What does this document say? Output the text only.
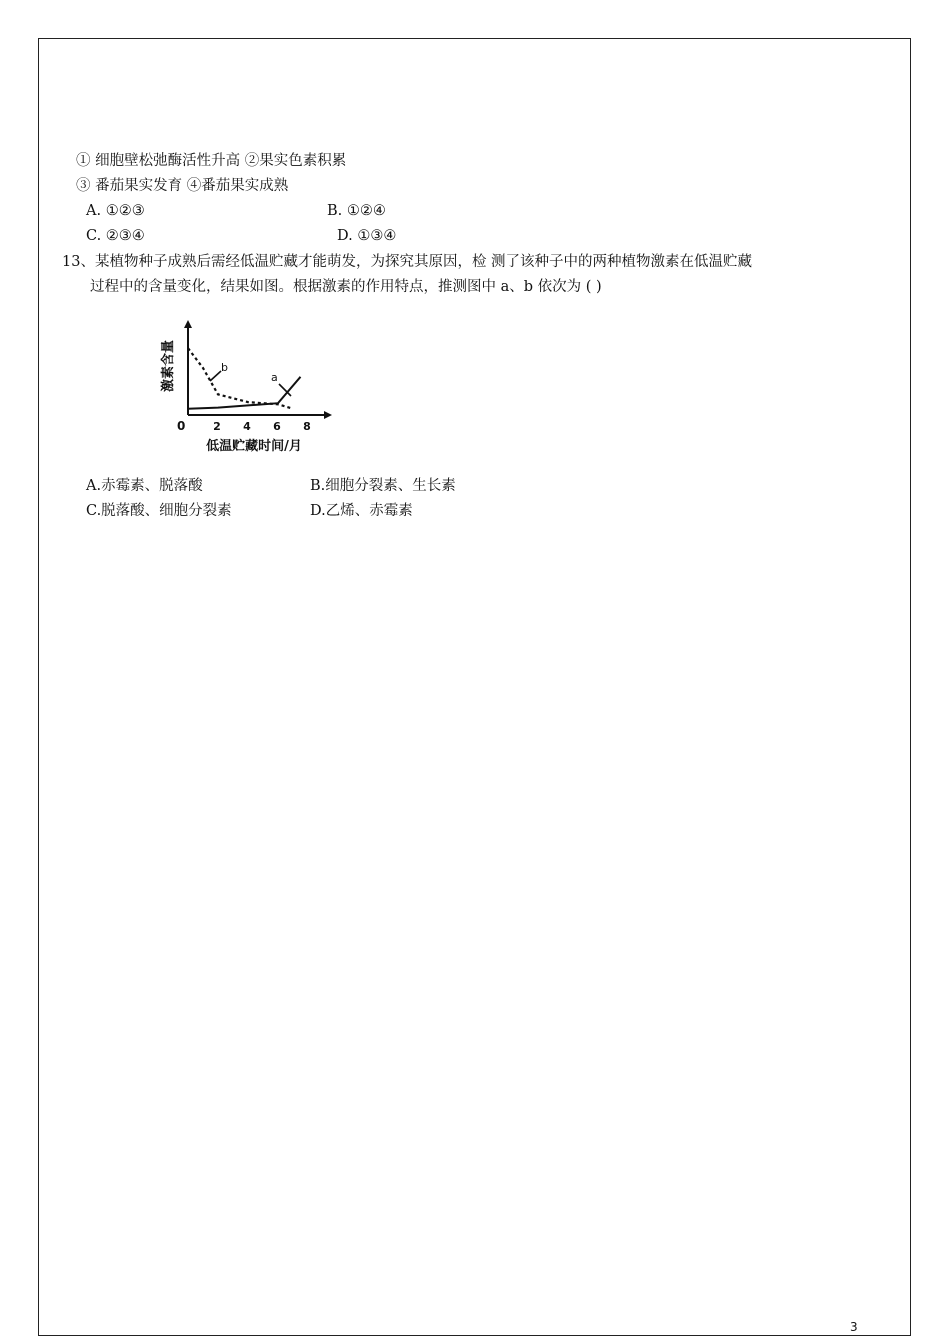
① 细胞壁松弛酶活性升高 ②果实色素积累
③ 番茄果实发育 ④番茄果实成熟
A. ①②③	B. ①②④
C. ②③④	D. ①③④
13、某植物种子成熟后需经低温贮藏才能萌发，为探究其原因，检 测了该种子中的两种植物激素在低温贮藏
过程中的含量变化，结果如图。根据激素的作用特点，推测图中 a、b 依次为 ( )
激素含量
0	2 4 6 8
低温贮藏时间/月
a
b
3
A.赤霉素、脱落酸	B.细胞分裂素、生长素
C.脱落酸、细胞分裂素	D.乙烯、赤霉素
